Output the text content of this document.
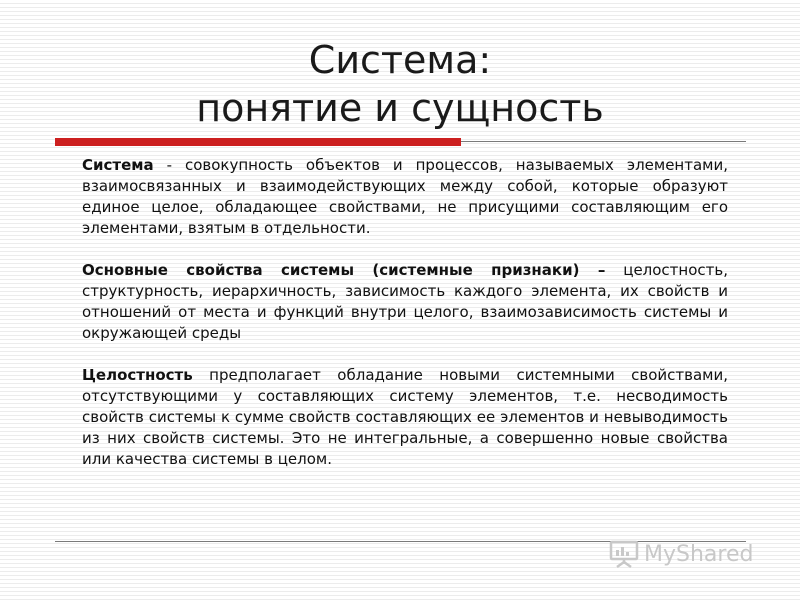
Система:
понятие и сущность

Система - совокупность объектов и процессов, называемых элементами, взаимосвязанных и взаимодействующих между собой, которые образуют единое целое, обладающее свойствами, не присущими составляющим его элементами, взятым в отдельности.

Основные свойства системы (системные признаки) – целостность, структурность, иерархичность, зависимость каждого элемента, их свойств и отношений от места и функций внутри целого, взаимозависимость системы и окружающей среды

Целостность предполагает обладание новыми системными свойствами, отсутствующими у составляющих систему элементов, т.е. несводимость свойств системы к сумме свойств составляющих ее элементов и невыводимость из них свойств системы. Это не интегральные, а совершенно новые свойства или качества системы в целом.

MyShared
